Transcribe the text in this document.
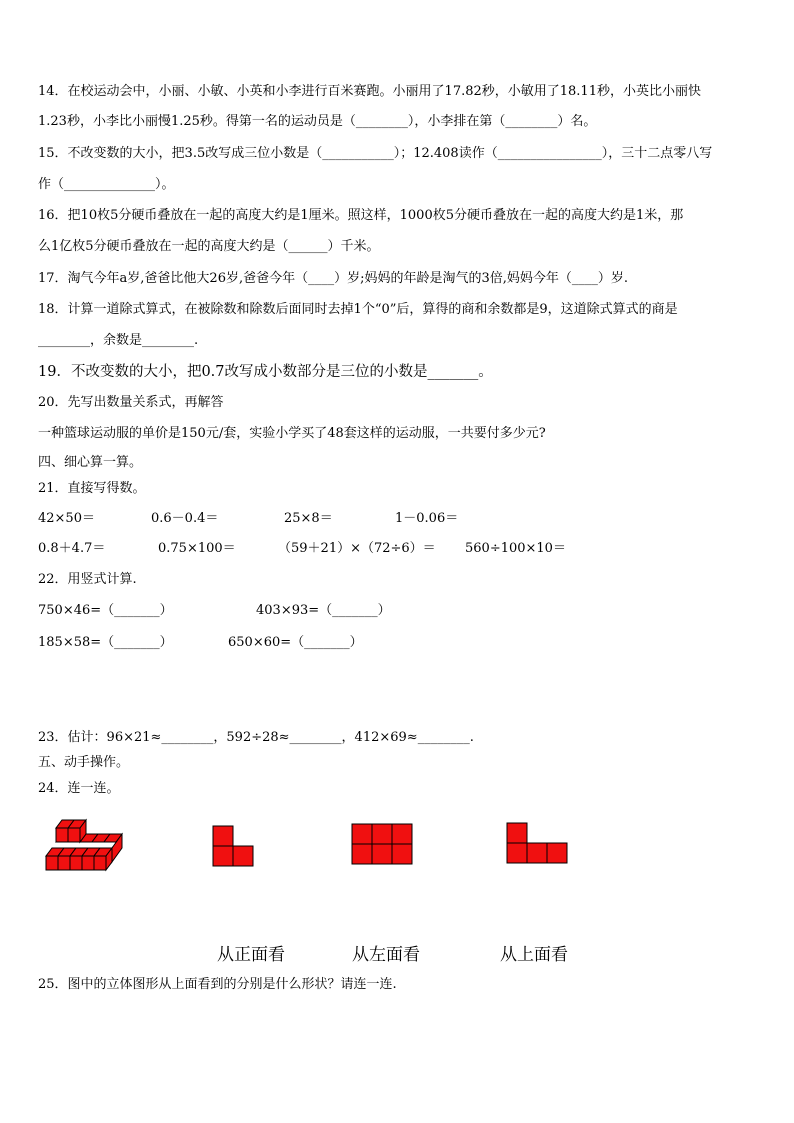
14．在校运动会中，小丽、小敏、小英和小李进行百米赛跑。小丽用了17.82秒，小敏用了18.11秒，小英比小丽快
1.23秒，小李比小丽慢1.25秒。得第一名的运动员是（________），小李排在第（________）名。
15．不改变数的大小，把3.5改写成三位小数是（___________）；12.408读作（________________），三十二点零八写
作（______________）。
16．把10枚5分硬币叠放在一起的高度大约是1厘米。照这样，1000枚5分硬币叠放在一起的高度大约是1米，那
么1亿枚5分硬币叠放在一起的高度大约是（______）千米。
17．淘气今年a岁,爸爸比他大26岁,爸爸今年（____）岁;妈妈的年龄是淘气的3倍,妈妈今年（____）岁.
18．计算一道除式算式，在被除数和除数后面同时去掉1个“0”后，算得的商和余数都是9，这道除式算式的商是
________，余数是________.
19．不改变数的大小，把0.7改写成小数部分是三位的小数是_______。
20．先写出数量关系式，再解答
一种篮球运动服的单价是150元/套，实验小学买了48套这样的运动服，一共要付多少元?
四、细心算一算。
21．直接写得数。
42×50＝	0.6－0.4＝	25×8＝	1－0.06＝
0.8＋4.7＝	0.75×100＝	（59＋21）×（72÷6）＝ 560÷100×10＝
22．用竖式计算.
750×46=（_______）	403×93=（_______）
185×58=（_______）	650×60=（_______）
23．估计：96×21≈________，592÷28≈________，412×69≈________.
五、动手操作。
24．连一连。
从正面看	从左面看	从上面看
25．图中的立体图形从上面看到的分别是什么形状？请连一连.
